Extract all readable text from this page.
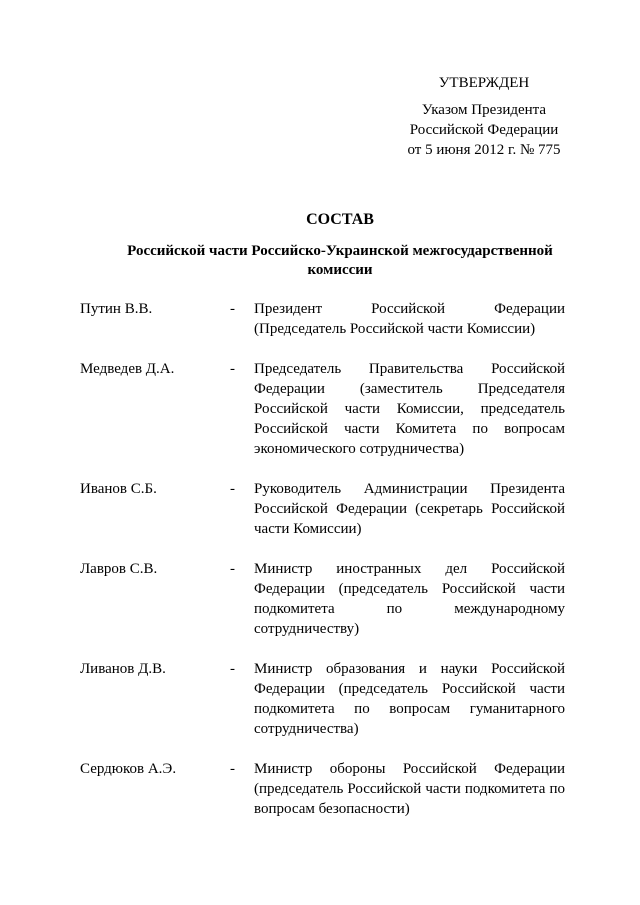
УТВЕРЖДЕН
Указом Президента
Российской Федерации
от 5 июня 2012 г. № 775

СОСТАВ

Российской части Российско-Украинской межгосударственной комиссии

Путин В.В.	- Президент Российской Федерации (Председатель Российской части Комиссии)
Медведев Д.А.	- Председатель Правительства Российской Федерации (заместитель Председателя Российской части Комиссии, председатель Российской части Комитета по вопросам экономического сотрудничества)
Иванов С.Б.	- Руководитель Администрации Президента Российской Федерации (секретарь Российской части Комиссии)
Лавров С.В.	- Министр иностранных дел Российской Федерации (председатель Российской части подкомитета по международному сотрудничеству)
Ливанов Д.В.	- Министр образования и науки Российской Федерации (председатель Российской части подкомитета по вопросам гуманитарного сотрудничества)
Сердюков А.Э.	- Министр обороны Российской Федерации (председатель Российской части подкомитета по вопросам безопасности)
